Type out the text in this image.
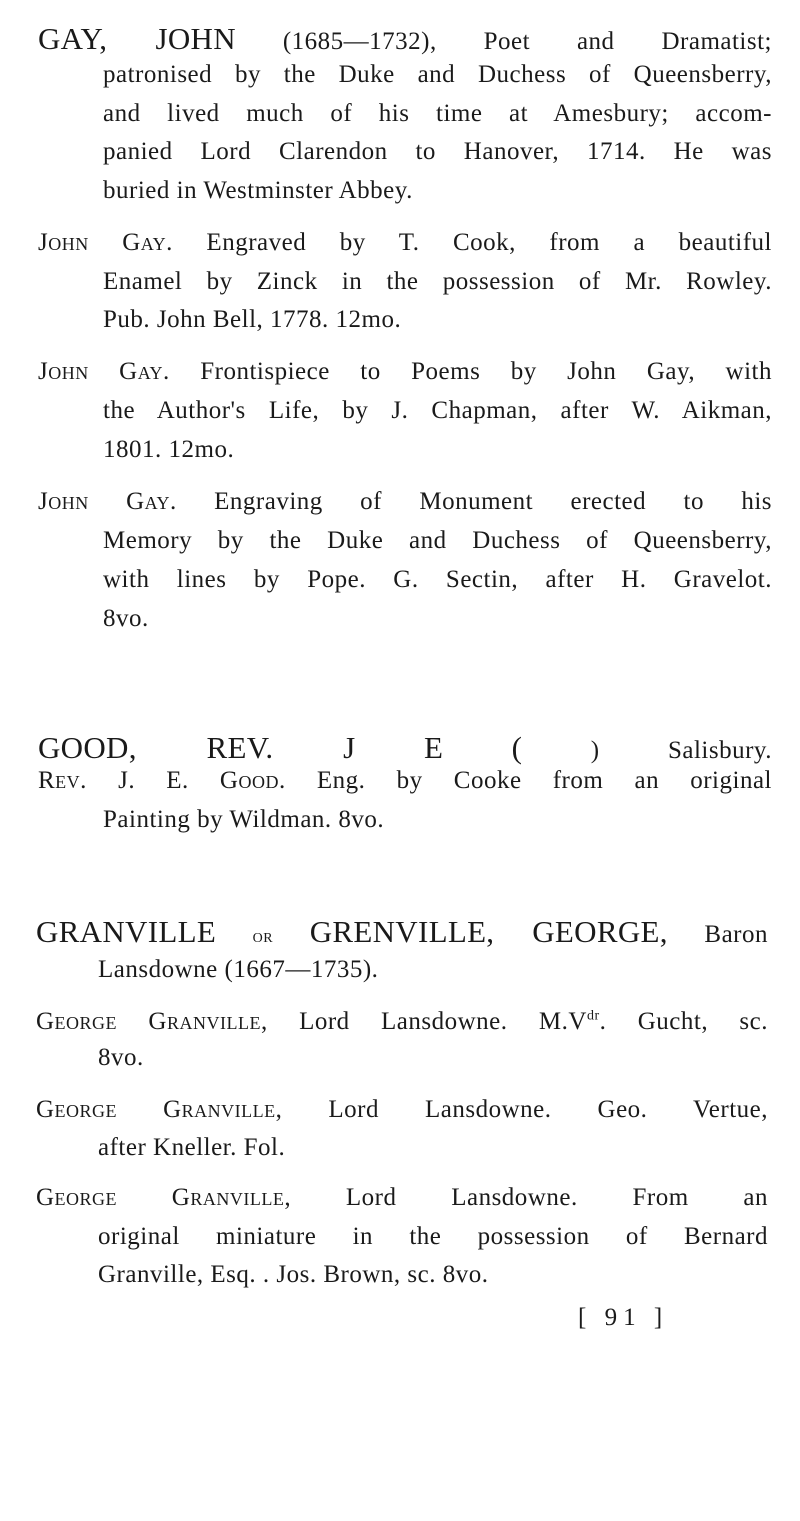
GAY, JOHN (1685—1732), Poet and Dramatist;
patronised by the Duke and Duchess of Queensberry,
and lived much of his time at Amesbury; accom-
panied Lord Clarendon to Hanover, 1714. He was
buried in Westminster Abbey.
John Gay. Engraved by T. Cook, from a beautiful
Enamel by Zinck in the possession of Mr. Rowley.
Pub. John Bell, 1778. 12mo.
John Gay. Frontispiece to Poems by John Gay, with
the Author's Life, by J. Chapman, after W. Aikman,
1801. 12mo.
John Gay. Engraving of Monument erected to his
Memory by the Duke and Duchess of Queensberry,
with lines by Pope. G. Sectin, after H. Gravelot.
8vo.
GOOD, REV. J E (	) Salisbury.
Rev. J. E. Good. Eng. by Cooke from an original
Painting by Wildman. 8vo.
GRANVILLE or GRENVILLE, GEORGE, Baron
Lansdowne (1667—1735).
George Granville, Lord Lansdowne. $M.V^{dr}$. Gucht, sc.
8vo.
George Granville, Lord Lansdowne. Geo. Vertue,
after Kneller. Fol.
George Granville, Lord Lansdowne. From an
original miniature in the possession of Bernard
Granville, Esq. . Jos. Brown, sc. 8vo.
[ 91 ]
